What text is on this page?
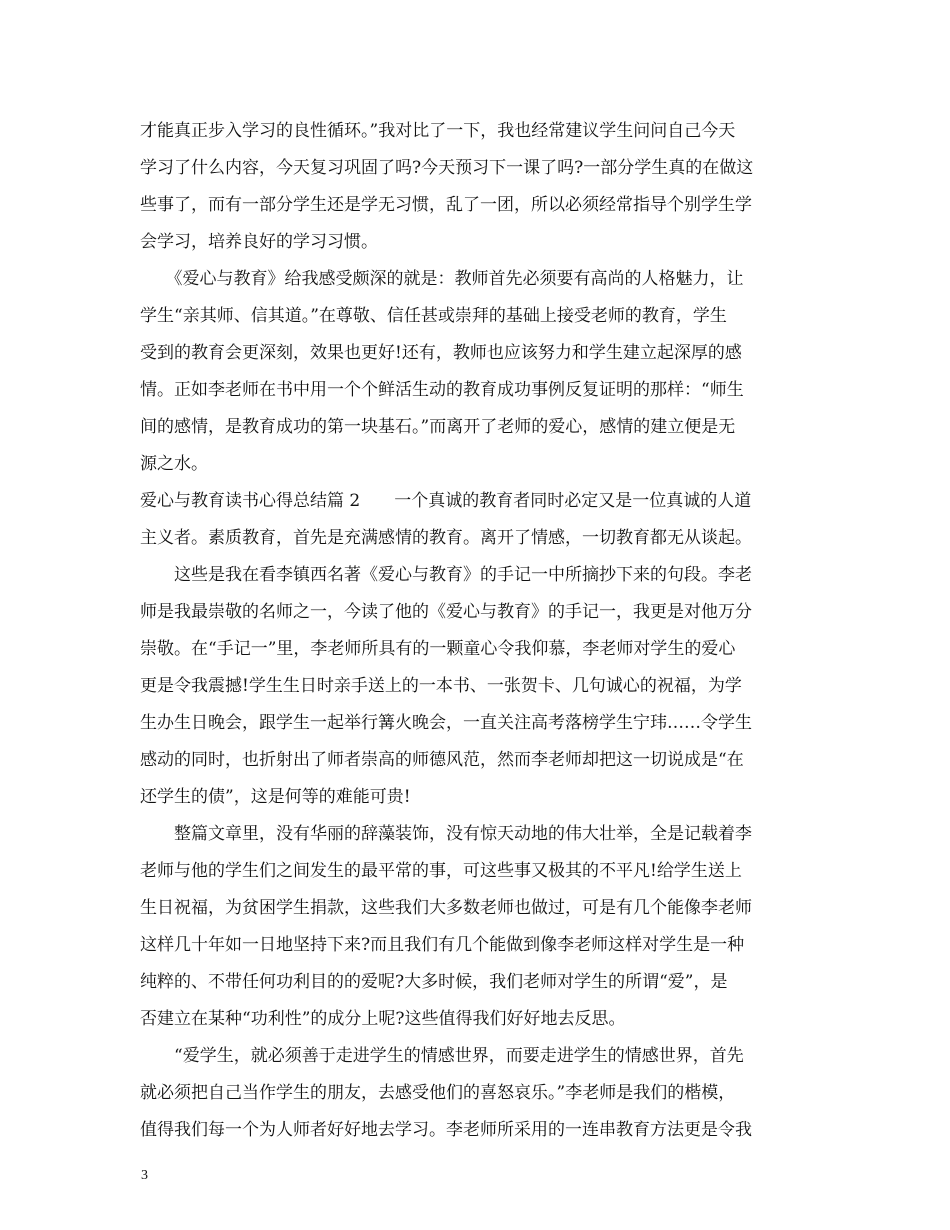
才能真正步入学习的良性循环。”我对比了一下，我也经常建议学生问问自己今天
学习了什么内容，今天复习巩固了吗?今天预习下一课了吗?一部分学生真的在做这
些事了，而有一部分学生还是学无习惯，乱了一团，所以必须经常指导个别学生学
会学习，培养良好的学习习惯。
　　《爱心与教育》给我感受颇深的就是：教师首先必须要有高尚的人格魅力，让
学生“亲其师、信其道。”在尊敬、信任甚或崇拜的基础上接受老师的教育，学生
受到的教育会更深刻，效果也更好!还有，教师也应该努力和学生建立起深厚的感
情。正如李老师在书中用一个个鲜活生动的教育成功事例反复证明的那样：“师生
间的感情，是教育成功的第一块基石。”而离开了老师的爱心，感情的建立便是无
源之水。
爱心与教育读书心得总结篇 2　　一个真诚的教育者同时必定又是一位真诚的人道
主义者。素质教育，首先是充满感情的教育。离开了情感，一切教育都无从谈起。
　　这些是我在看李镇西名著《爱心与教育》的手记一中所摘抄下来的句段。李老
师是我最崇敬的名师之一，今读了他的《爱心与教育》的手记一，我更是对他万分
崇敬。在“手记一”里，李老师所具有的一颗童心令我仰慕，李老师对学生的爱心
更是令我震撼!学生生日时亲手送上的一本书、一张贺卡、几句诚心的祝福，为学
生办生日晚会，跟学生一起举行篝火晚会，一直关注高考落榜学生宁玮……令学生
感动的同时，也折射出了师者崇高的师德风范，然而李老师却把这一切说成是“在
还学生的债”，这是何等的难能可贵!
　　整篇文章里，没有华丽的辞藻装饰，没有惊天动地的伟大壮举，全是记载着李
老师与他的学生们之间发生的最平常的事，可这些事又极其的不平凡!给学生送上
生日祝福，为贫困学生捐款，这些我们大多数老师也做过，可是有几个能像李老师
这样几十年如一日地坚持下来?而且我们有几个能做到像李老师这样对学生是一种
纯粹的、不带任何功利目的的爱呢?大多时候，我们老师对学生的所谓“爱”，是
否建立在某种“功利性”的成分上呢?这些值得我们好好地去反思。
　　“爱学生，就必须善于走进学生的情感世界，而要走进学生的情感世界，首先
就必须把自己当作学生的朋友，去感受他们的喜怒哀乐。”李老师是我们的楷模，
值得我们每一个为人师者好好地去学习。李老师所采用的一连串教育方法更是令我
3
